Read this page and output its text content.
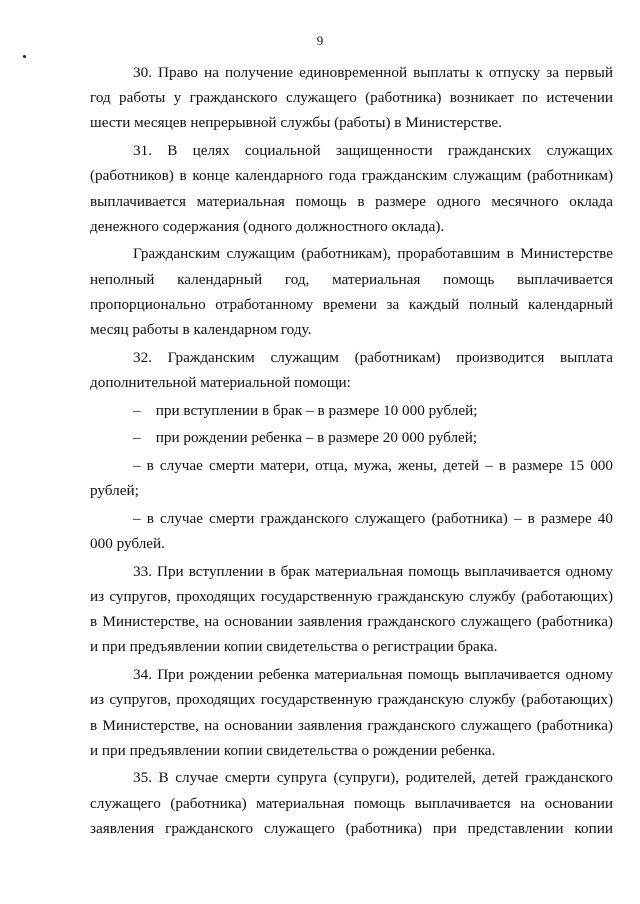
9

30. Право на получение единовременной выплаты к отпуску за первый год работы у гражданского служащего (работника) возникает по истечении шести месяцев непрерывной службы (работы) в Министерстве.

31. В целях социальной защищенности гражданских служащих (работников) в конце календарного года гражданским служащим (работникам) выплачивается материальная помощь в размере одного месячного оклада денежного содержания (одного должностного оклада).

Гражданским служащим (работникам), проработавшим в Министерстве неполный календарный год, материальная помощь выплачивается пропорционально отработанному времени за каждый полный календарный месяц работы в календарном году.

32. Гражданским служащим (работникам) производится выплата дополнительной материальной помощи:

– при вступлении в брак – в размере 10 000 рублей;

– при рождении ребенка – в размере 20 000 рублей;

– в случае смерти матери, отца, мужа, жены, детей – в размере 15 000 рублей;

– в случае смерти гражданского служащего (работника) – в размере 40 000 рублей.

33. При вступлении в брак материальная помощь выплачивается одному из супругов, проходящих государственную гражданскую службу (работающих) в Министерстве, на основании заявления гражданского служащего (работника) и при предъявлении копии свидетельства о регистрации брака.

34. При рождении ребенка материальная помощь выплачивается одному из супругов, проходящих государственную гражданскую службу (работающих) в Министерстве, на основании заявления гражданского служащего (работника) и при предъявлении копии свидетельства о рождении ребенка.

35. В случае смерти супруга (супруги), родителей, детей гражданского служащего (работника) материальная помощь выплачивается на основании заявления гражданского служащего (работника) при представлении копии
